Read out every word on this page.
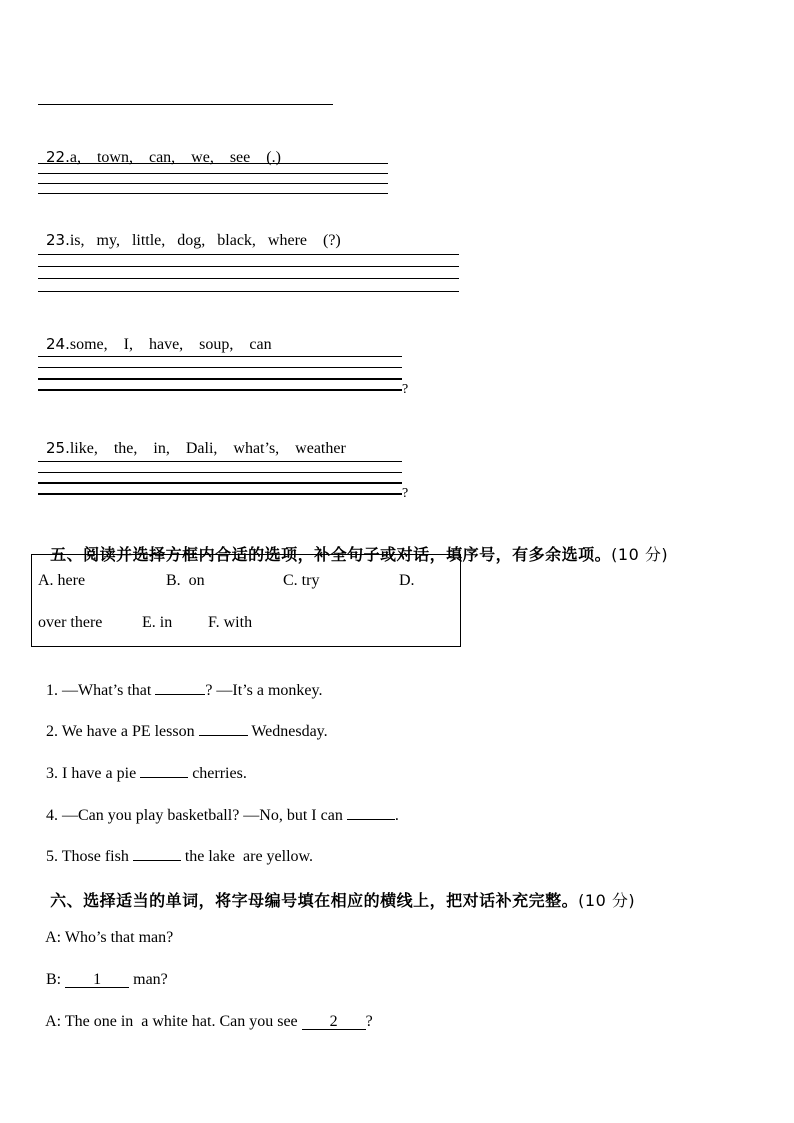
22.a,    town,    can,    we,    see    (.)

23.is,   my,   little,   dog,   black,   where    (?)

24.some,    I,    have,    soup,    can

?

25.like,    the,    in,    Dali,    what’s,    weather

?

五、阅读并选择方框内合适的选项，补全句子或对话，填序号，有多余选项。(10 分)

A. here	B.  on	C. try	D.
over there E. in F. with

1. —What’s that	? —It’s a monkey.

2. We have a PE lesson	Wednesday.

3. I have a pie	cherries.

4. —Can you play basketball? —No, but I can	.

5. Those fish	the lake  are yellow.

六、选择适当的单词，将字母编号填在相应的横线上，把对话补充完整。(10 分)

A: Who’s that man?

B: 1 man?

A: The one in  a white hat. Can you see 2 ?
